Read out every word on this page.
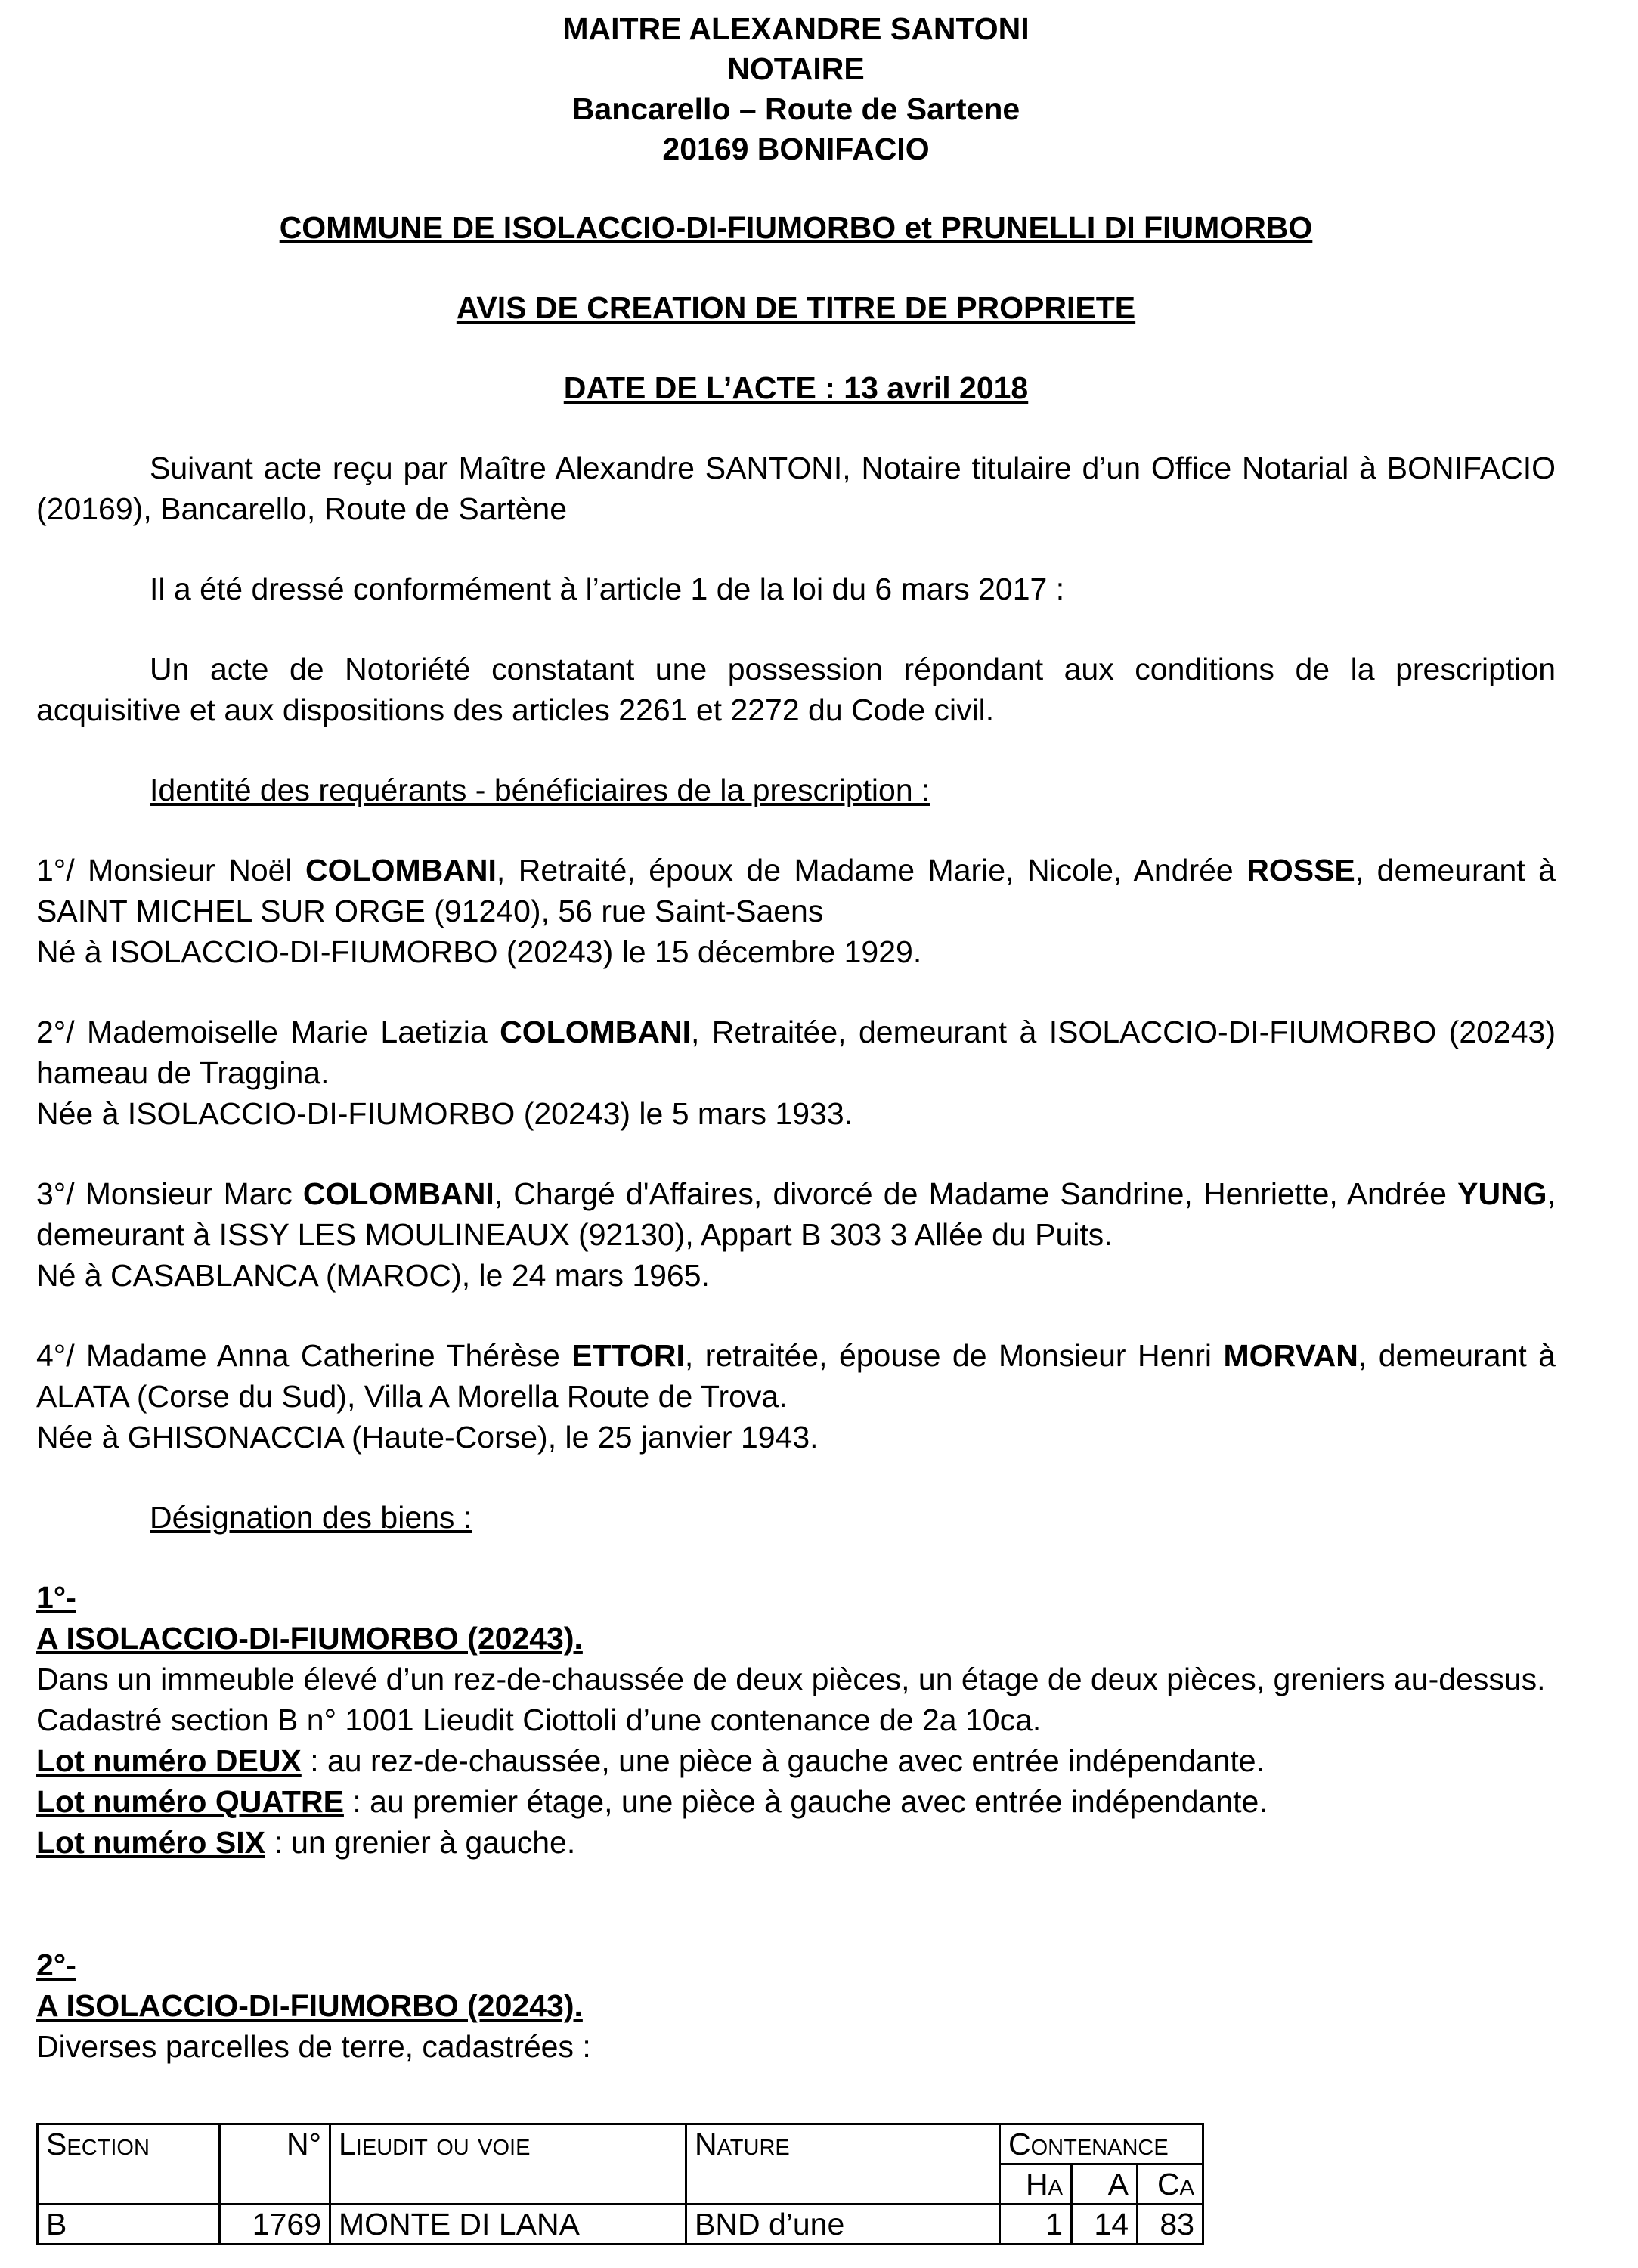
MAITRE ALEXANDRE SANTONI
NOTAIRE
Bancarello – Route de Sartene
20169 BONIFACIO
COMMUNE DE ISOLACCIO-DI-FIUMORBO et PRUNELLI DI FIUMORBO
AVIS DE CREATION DE TITRE DE PROPRIETE
DATE DE L’ACTE : 13 avril 2018
Suivant acte reçu par Maître Alexandre SANTONI, Notaire titulaire d’un Office Notarial à BONIFACIO (20169), Bancarello, Route de Sartène
Il a été dressé conformément à l’article 1 de la loi du 6 mars 2017 :
Un acte de Notoriété constatant une possession répondant aux conditions de la prescription acquisitive et aux dispositions des articles 2261 et 2272 du Code civil.
Identité des requérants - bénéficiaires de la prescription :
1°/ Monsieur Noël COLOMBANI, Retraité, époux de Madame Marie, Nicole, Andrée ROSSE, demeurant à SAINT MICHEL SUR ORGE (91240), 56 rue Saint-Saens
Né à ISOLACCIO-DI-FIUMORBO (20243) le 15 décembre 1929.
2°/ Mademoiselle Marie Laetizia COLOMBANI, Retraitée, demeurant à ISOLACCIO-DI-FIUMORBO (20243) hameau de Traggina.
Née à ISOLACCIO-DI-FIUMORBO (20243) le 5 mars 1933.
3°/ Monsieur Marc COLOMBANI, Chargé d'Affaires, divorcé de Madame Sandrine, Henriette, Andrée YUNG, demeurant à ISSY LES MOULINEAUX (92130), Appart B 303 3 Allée du Puits.
Né à CASABLANCA (MAROC), le 24 mars 1965.
4°/ Madame Anna Catherine Thérèse ETTORI, retraitée, épouse de Monsieur Henri MORVAN, demeurant à ALATA (Corse du Sud), Villa A Morella Route de Trova.
Née à GHISONACCIA (Haute-Corse), le 25 janvier 1943.
Désignation des biens :
1°-
A ISOLACCIO-DI-FIUMORBO (20243).
Dans un immeuble élevé d’un rez-de-chaussée de deux pièces, un étage de deux pièces, greniers au-dessus.
Cadastré section B n° 1001 Lieudit Ciottoli d’une contenance de 2a 10ca.
Lot numéro DEUX : au rez-de-chaussée, une pièce à gauche avec entrée indépendante.
Lot numéro QUATRE : au premier étage, une pièce à gauche avec entrée indépendante.
Lot numéro SIX : un grenier à gauche.
2°-
A ISOLACCIO-DI-FIUMORBO (20243).
Diverses parcelles de terre, cadastrées :
Section	N°	Lieudit ou voie	Nature	Contenance		
				Ha	A	Ca
B	1769	MONTE DI LANA	BND d’une	1	14	83
